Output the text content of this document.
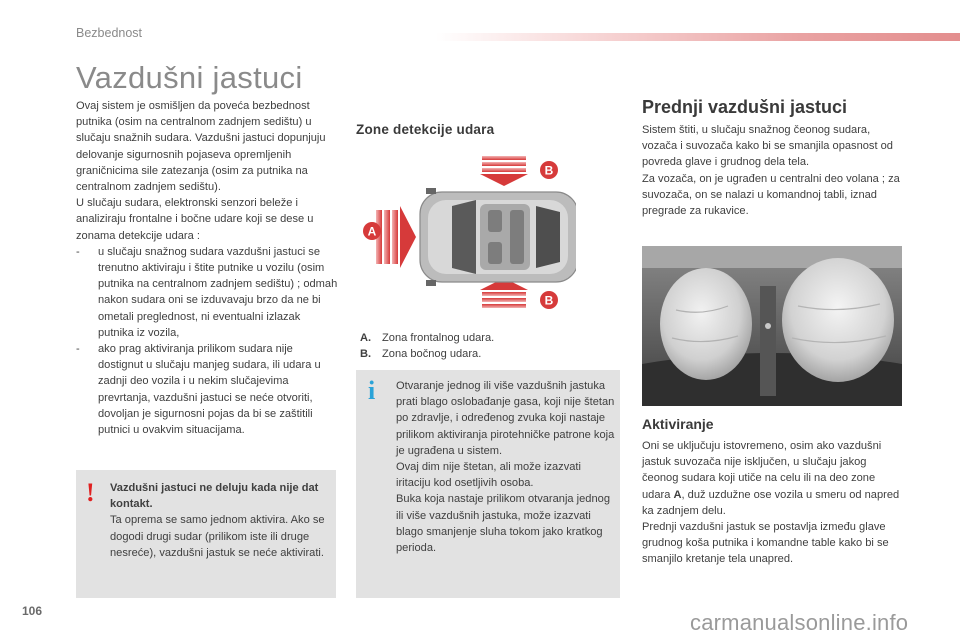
Bezbednost
Vazdušni jastuci

Ovaj sistem je osmišljen da poveća bezbednost putnika (osim na centralnom zadnjem sedištu) u slučaju snažnih sudara. Vazdušni jastuci dopunjuju delovanje sigurnosnih pojaseva opremljenih graničnicima sile zatezanja (osim za putnika na centralnom zadnjem sedištu).

U slučaju sudara, elektronski senzori beleže i analiziraju frontalne i bočne udare koji se dese u zonama detekcije udara :

- u slučaju snažnog sudara vazdušni jastuci se trenutno aktiviraju i štite putnike u vozilu (osim putnika na centralnom zadnjem sedištu) ; odmah nakon sudara oni se izduvavaju brzo da ne bi ometali preglednost, ni eventualni izlazak putnika iz vozila,
- ako prag aktiviranja prilikom sudara nije dostignut u slučaju manjeg sudara, ili udara u zadnji deo vozila i u nekim slučajevima prevrtanja, vazdušni jastuci se neće otvoriti, dovoljan je sigurnosni pojas da bi se zaštitili putnici u ovakvim situacijama.
! Vazdušni jastuci ne deluju kada nije dat kontakt.
Ta oprema se samo jednom aktivira. Ako se dogodi drugi sudar (prilikom iste ili druge nesreće), vazdušni jastuk se neće aktivirati.
Zone detekcije udara
A
B
B
A. Zona frontalnog udara.
B. Zona bočnog udara.
i Otvaranje jednog ili više vazdušnih jastuka prati blago oslobađanje gasa, koji nije štetan po zdravlje, i određenog zvuka koji nastaje prilikom aktiviranja pirotehničke patrone koja je ugrađena u sistem.
Ovaj dim nije štetan, ali može izazvati iritaciju kod osetljivih osoba.
Buka koja nastaje prilikom otvaranja jednog ili više vazdušnih jastuka, može izazvati blago smanjenje sluha tokom jako kratkog perioda.
Prednji vazdušni jastuci
Sistem štiti, u slučaju snažnog čeonog sudara, vozača i suvozača kako bi se smanjila opasnost od povreda glave i grudnog dela tela.
Za vozača, on je ugrađen u centralni deo volana ; za suvozača, on se nalazi u komandnoj tabli, iznad pregrade za rukavice.
Aktiviranje
Oni se uključuju istovremeno, osim ako vazdušni jastuk suvozača nije isključen, u slučaju jakog čeonog sudara koji utiče na celu ili na deo zone udara A, duž uzdužne ose vozila u smeru od napred ka zadnjem delu.
Prednji vazdušni jastuk se postavlja između glave grudnog koša putnika i komandne table kako bi se smanjilo kretanje tela unapred.
106	carmanualsonline.info
